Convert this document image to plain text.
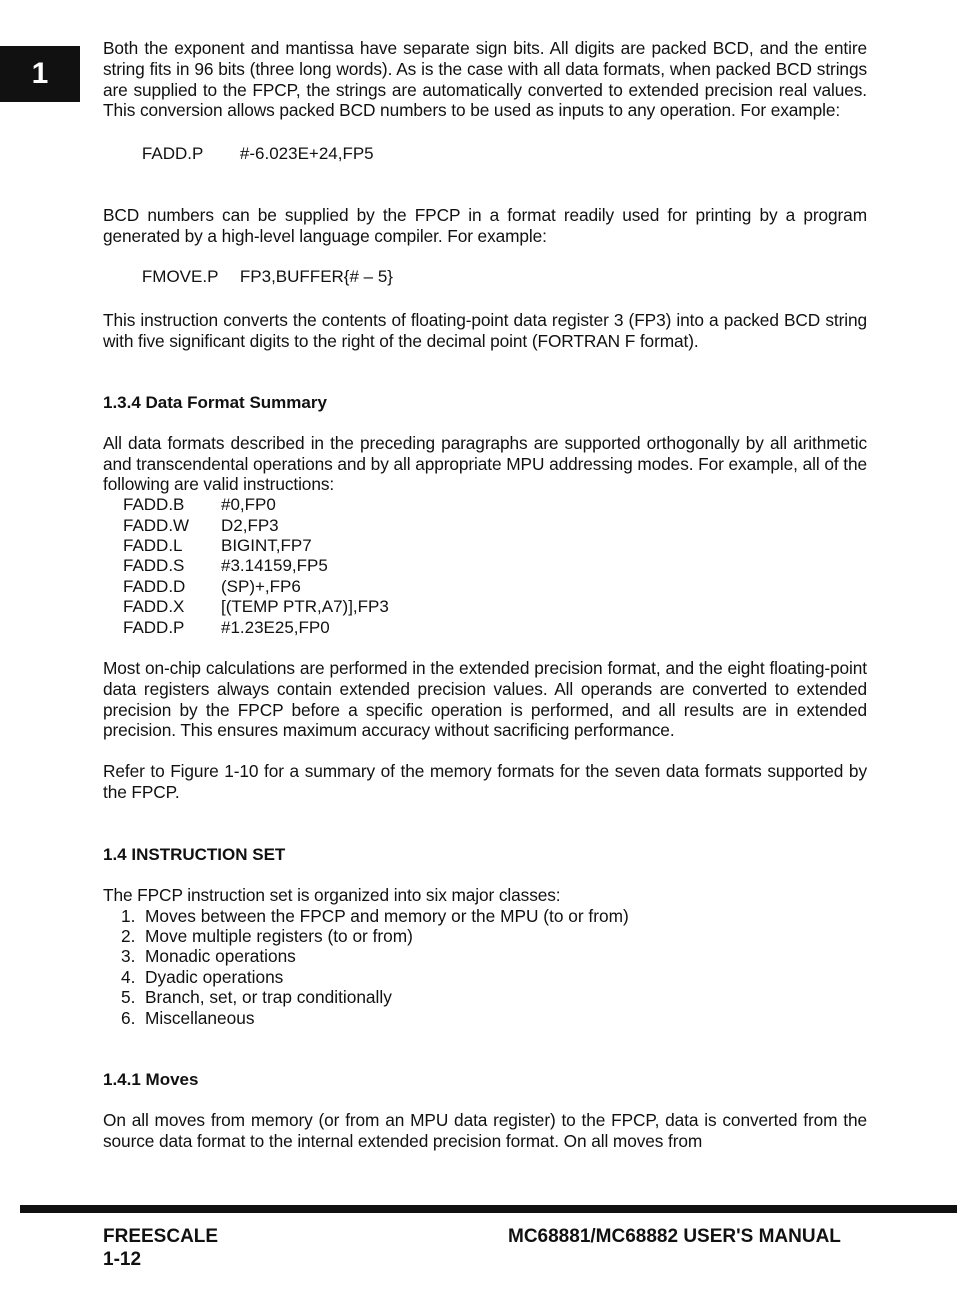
1

Both the exponent and mantissa have separate sign bits. All digits are packed BCD, and the entire string fits in 96 bits (three long words). As is the case with all data formats, when packed BCD strings are supplied to the FPCP, the strings are automatically converted to extended precision real values. This conversion allows packed BCD numbers to be used as inputs to any operation. For example:

FADD.P #-6.023E+24,FP5

BCD numbers can be supplied by the FPCP in a format readily used for printing by a program generated by a high-level language compiler. For example:

FMOVE.P FP3,BUFFER{# – 5}

This instruction converts the contents of floating-point data register 3 (FP3) into a packed BCD string with five significant digits to the right of the decimal point (FORTRAN F format).

1.3.4 Data Format Summary

All data formats described in the preceding paragraphs are supported orthogonally by all arithmetic and transcendental operations and by all appropriate MPU addressing modes. For example, all of the following are valid instructions:

FADD.B #0,FP0
FADD.W D2,FP3
FADD.L BIGINT,FP7
FADD.S #3.14159,FP5
FADD.D (SP)+,FP6
FADD.X [(TEMP PTR,A7)],FP3
FADD.P #1.23E25,FP0

Most on-chip calculations are performed in the extended precision format, and the eight floating-point data registers always contain extended precision values. All operands are converted to extended precision by the FPCP before a specific operation is performed, and all results are in extended precision. This ensures maximum accuracy without sacrificing performance.

Refer to Figure 1-10 for a summary of the memory formats for the seven data formats supported by the FPCP.

1.4 INSTRUCTION SET

The FPCP instruction set is organized into six major classes:

1. Moves between the FPCP and memory or the MPU (to or from)
2. Move multiple registers (to or from)
3. Monadic operations
4. Dyadic operations
5. Branch, set, or trap conditionally
6. Miscellaneous
1.4.1 Moves

On all moves from memory (or from an MPU data register) to the FPCP, data is converted from the source data format to the internal extended precision format. On all moves from

FREESCALE
1-12
MC68881/MC68882 USER'S MANUAL
